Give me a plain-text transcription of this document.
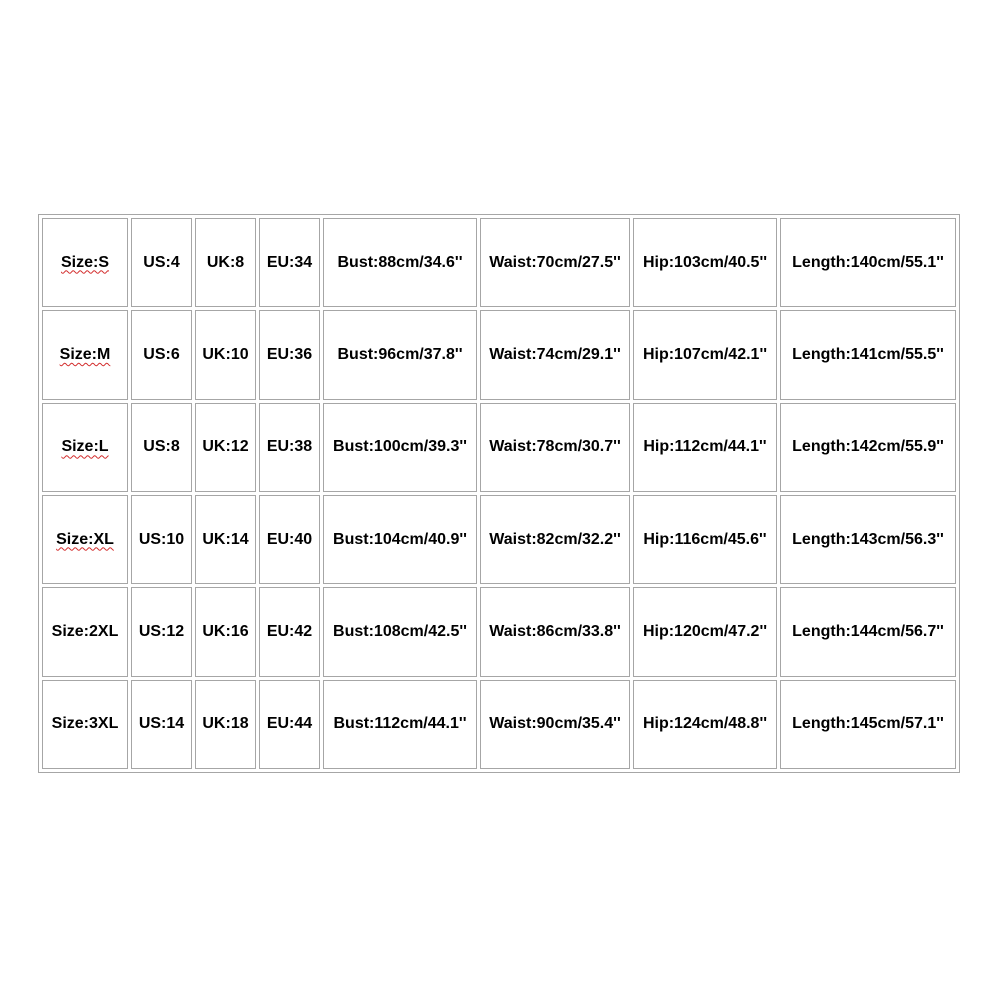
Size:S	US:4	UK:8	EU:34	Bust:88cm/34.6''	Waist:70cm/27.5''	Hip:103cm/40.5''	Length:140cm/55.1''
Size:M	US:6	UK:10	EU:36	Bust:96cm/37.8''	Waist:74cm/29.1''	Hip:107cm/42.1''	Length:141cm/55.5''
Size:L	US:8	UK:12	EU:38	Bust:100cm/39.3''	Waist:78cm/30.7''	Hip:112cm/44.1''	Length:142cm/55.9''
Size:XL	US:10	UK:14	EU:40	Bust:104cm/40.9''	Waist:82cm/32.2''	Hip:116cm/45.6''	Length:143cm/56.3''
Size:2XL	US:12	UK:16	EU:42	Bust:108cm/42.5''	Waist:86cm/33.8''	Hip:120cm/47.2''	Length:144cm/56.7''
Size:3XL	US:14	UK:18	EU:44	Bust:112cm/44.1''	Waist:90cm/35.4''	Hip:124cm/48.8''	Length:145cm/57.1''
